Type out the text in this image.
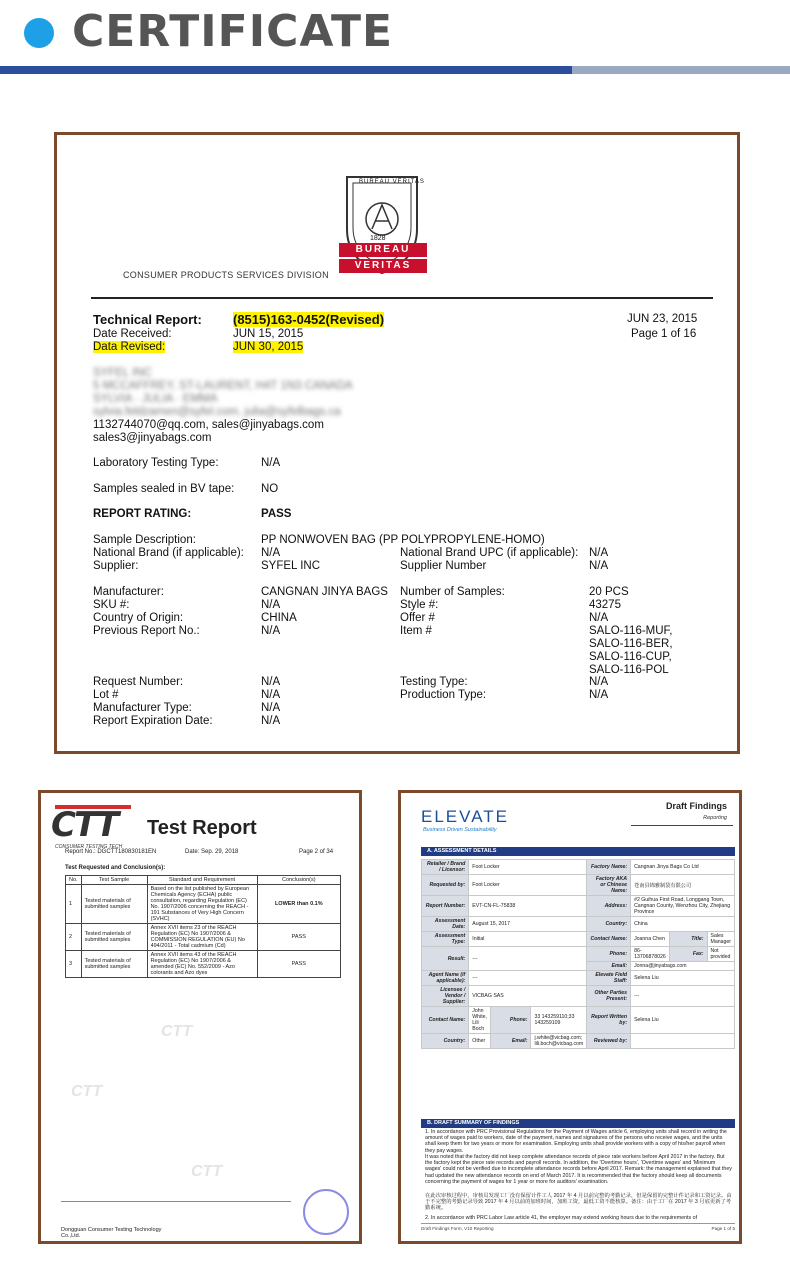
CERTIFICATE
BUREAU VERITAS
1828
BUREAU
VERITAS
CONSUMER PRODUCTS SERVICES DIVISION
Technical Report: (8515)163-0452(Revised)	JUN 23, 2015
Page 1 of 16
Date Received:	JUN 15, 2015
Data Revised:	JUN 30, 2015
SYFEL INC
5 MCCAFFREY, ST-LAURENT, H4T 1N3 CANADA
SYLVIA · JULIA · EMMA
sylvia.feldzamen@syfel.com, julia@syfelbags.ca
1132744070@qq.com, sales@jinyabags.com
sales3@jinyabags.com
Laboratory Testing Type:	N/A
Samples sealed in BV tape: NO
REPORT RATING:	PASS
Sample Description:	PP NONWOVEN BAG (PP POLYPROPYLENE-HOMO)
National Brand (if applicable): N/A	National Brand UPC (if applicable): N/A
Supplier:	SYFEL INC	Supplier Number	N/A
Manufacturer:	CANGNAN JINYA BAGS Number of Samples:	20 PCS
SKU #:	N/A	Style #:	43275
Country of Origin:	CHINA	Offer #	N/A
Previous Report No.:	N/A	Item #	SALO-116-MUF,
SALO-116-BER,
SALO-116-CUP,
SALO-116-POL
Request Number:	N/A	Testing Type:	N/A
Lot #	N/A	Production Type:	N/A
Manufacturer Type:	N/A
Report Expiration Date:	N/A
CTT
CONSUMER TESTING TECH
Test Report
Report No.: DGCTT180830181EN	Date: Sep. 29, 2018	Page 2 of 34
Test Requested and Conclusion(s):
CTT
CTT
CTT
No.	Test Sample	Standard and Requirement	Conclusion(s)
1	Tested materials of submitted samples	Based on the list published by European Chemicals Agency (ECHA) public consultation, regarding Regulation (EC) No. 1907/2006 concerning the REACH - 191 Substances of Very High Concern (SVHC)	LOWER than 0.1%
2	Tested materials of submitted samples	Annex XVII items 23 of the REACH Regulation (EC) No 1907/2006 & COMMISSION REGULATION (EU) No 494/2011 - Total cadmium (Cd)	PASS
3	Tested materials of submitted samples	Annex XVII items 43 of the REACH Regulation (EC) No 1907/2006 & amended (EC) No. 552/2009 - Azo colorants and Azo dyes	PASS
Dongguan Consumer Testing Technology Co.,Ltd.
ELEVATE
Business Driven Sustainability
Draft Findings
Reporting
A. ASSESSMENT DETAILS
Retailer / Brand / Licensor:	Foot Locker			Factory Name:	Cangnan Jinya Bags Co Ltd		
Requested by:	Foot Locker			Factory AKA or Chinese Name:	苍南县锦雅制袋有限公司		
Report Number:	EVT-CN-FL-75838			Address:	#2 Guihua First Road, Longgang Town, Cangnan County, Wenzhou City, Zhejiang Province		
Assessment Date:	August 15, 2017			Country:	China		
Assessment Type:	Initial			Contact Name:	Joanna Chen	Title:	Sales Manager
Result:	---			Phone:	86-13706878026	Fax:	Not provided
				Email:	Jonna@jinyabags.com		
Agent Name (if applicable):	---			Elevate Field Staff:	Selena Liu		
Licensee / Vendor / Supplier:	VICBAG SAS			Other Parties Present:	---		
Contact Name:	John White, Lili Boch	Phone:	33 143259110;33 143259109	Report Written by:	Selena Liu		
Country:	Other	Email:	j.white@vicbag.com; lili.boch@vicbag.com	Reviewed by:			
B. DRAFT SUMMARY OF FINDINGS
1. In accordance with PRC Provisional Regulations for the Payment of Wages article 6, employing units shall record in writing the amount of wages paid to workers, date of the payment, names and signatures of the persons who receive wages, and the units shall keep them for two years or more for examination. Employing units shall provide workers with a copy of his/her payroll when they pay wages.
It was noted that the factory did not keep complete attendance records of piece rate workers before April 2017 in the factory. But the factory kept the piece rate records and payroll records. In addition, the 'Overtime hours', 'Overtime wages' and 'Minimum wages' could not be verified due to incomplete attendance records before April 2017. Remark: the management explained that they had updated the new attendance records on end of March 2017. It is recommended that the factory should keep all documents concerning the payment of wages for 1 year or more for auditors' examination.
在此次审核过程中，审核员发现工厂没有保留计件工人 2017 年 4 月以前完整的考勤记录，但是保留的完整计件记录和工资记录。由于不完整的考勤记录导致 2017 年 4 月以前的加班时间，加班工资，最低工资不能核算。备注：由于工厂在 2017 年 3 月底更新了考勤系统。
2. In accordance with PRC Labor Law article 41, the employer may extend working hours due to the requirements of
Draft Findings Form, V10 Reporting	Page 1 of 5
